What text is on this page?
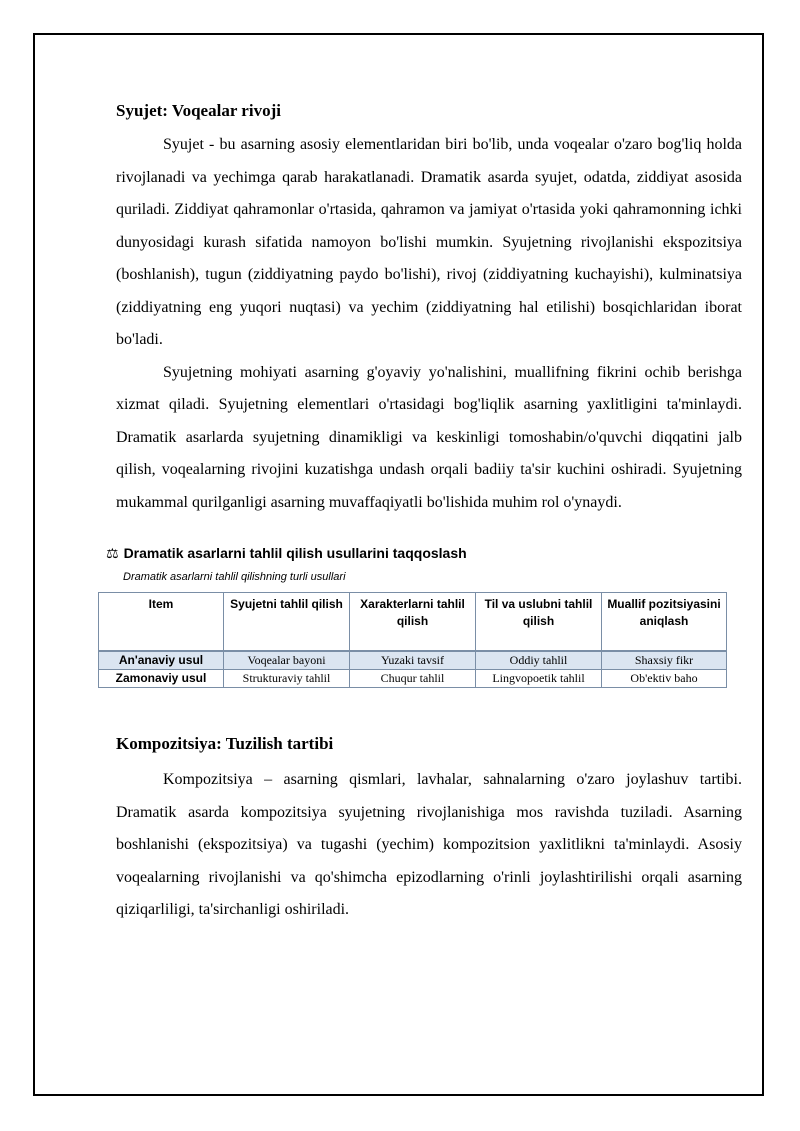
Syujet: Voqealar rivoji

Syujet - bu asarning asosiy elementlaridan biri bo'lib, unda voqealar o'zaro bog'liq holda rivojlanadi va yechimga qarab harakatlanadi. Dramatik asarda syujet, odatda, ziddiyat asosida quriladi. Ziddiyat qahramonlar o'rtasida, qahramon va jamiyat o'rtasida yoki qahramonning ichki dunyosidagi kurash sifatida namoyon bo'lishi mumkin. Syujetning rivojlanishi ekspozitsiya (boshlanish), tugun (ziddiyatning paydo bo'lishi), rivoj (ziddiyatning kuchayishi), kulminatsiya (ziddiyatning eng yuqori nuqtasi) va yechim (ziddiyatning hal etilishi) bosqichlaridan iborat bo'ladi.

Syujetning mohiyati asarning g'oyaviy yo'nalishini, muallifning fikrini ochib berishga xizmat qiladi. Syujetning elementlari o'rtasidagi bog'liqlik asarning yaxlitligini ta'minlaydi. Dramatik asarlarda syujetning dinamikligi va keskinligi tomoshabin/o'quvchi diqqatini jalb qilish, voqealarning rivojini kuzatishga undash orqali badiiy ta'sir kuchini oshiradi. Syujetning mukammal qurilganligi asarning muvaffaqiyatli bo'lishida muhim rol o'ynaydi.

⚖ Dramatik asarlarni tahlil qilish usullarini taqqoslash
Dramatik asarlarni tahlil qilishning turli usullari
Item	Syujetni tahlil qilish	Xarakterlarni tahlil qilish	Til va uslubni tahlil qilish	Muallif pozitsiyasini aniqlash
An'anaviy usul	Voqealar bayoni	Yuzaki tavsif	Oddiy tahlil	Shaxsiy fikr
Zamonaviy usul	Strukturaviy tahlil	Chuqur tahlil	Lingvopoetik tahlil	Ob'ektiv baho
Kompozitsiya: Tuzilish tartibi

Kompozitsiya – asarning qismlari, lavhalar, sahnalarning o'zaro joylashuv tartibi. Dramatik asarda kompozitsiya syujetning rivojlanishiga mos ravishda tuziladi. Asarning boshlanishi (ekspozitsiya) va tugashi (yechim) kompozitsion yaxlitlikni ta'minlaydi. Asosiy voqealarning rivojlanishi va qo'shimcha epizodlarning o'rinli joylashtirilishi orqali asarning qiziqarliligi, ta'sirchanligi oshiriladi.
